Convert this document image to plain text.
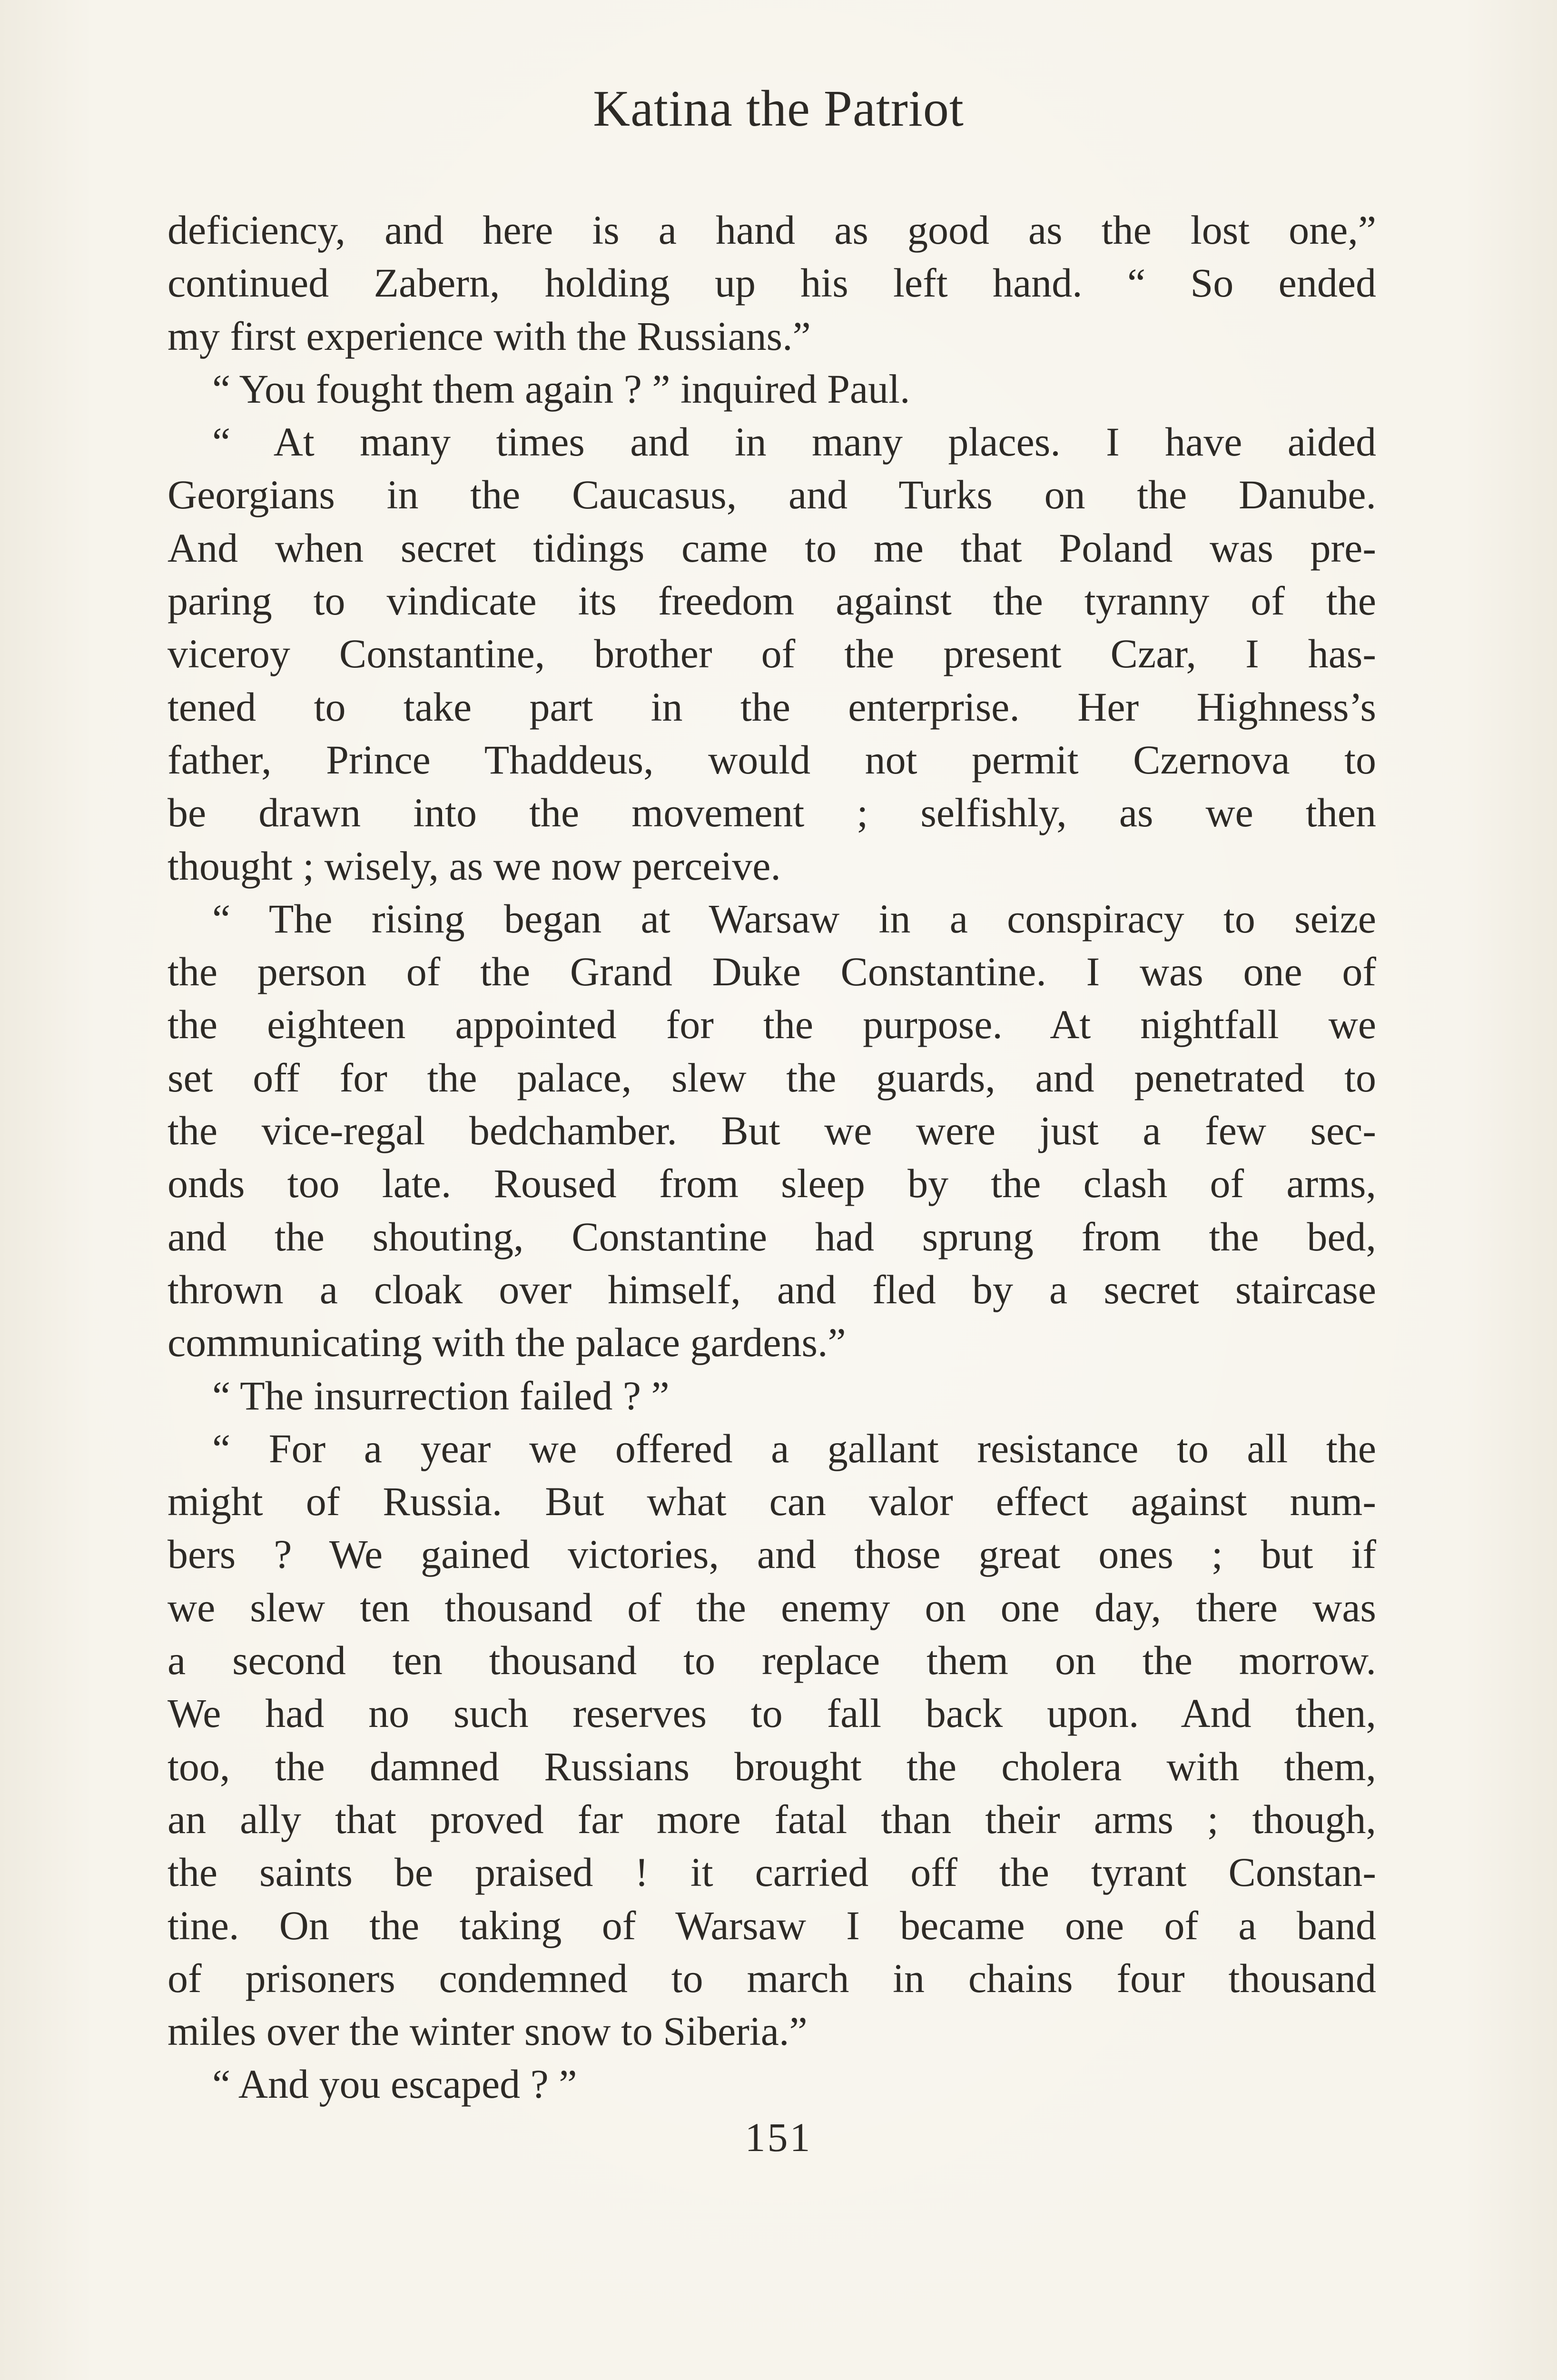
Katina the Patriot
deficiency, and here is a hand as good as the lost one,”
continued Zabern, holding up his left hand. “ So ended
my first experience with the Russians.”
“ You fought them again ? ” inquired Paul.
“ At many times and in many places. I have aided
Georgians in the Caucasus, and Turks on the Danube.
And when secret tidings came to me that Poland was pre-
paring to vindicate its freedom against the tyranny of the
viceroy Constantine, brother of the present Czar, I has-
tened to take part in the enterprise. Her Highness’s
father, Prince Thaddeus, would not permit Czernova to
be drawn into the movement ; selfishly, as we then
thought ; wisely, as we now perceive.
“ The rising began at Warsaw in a conspiracy to seize
the person of the Grand Duke Constantine. I was one of
the eighteen appointed for the purpose. At nightfall we
set off for the palace, slew the guards, and penetrated to
the vice-regal bedchamber. But we were just a few sec-
onds too late. Roused from sleep by the clash of arms,
and the shouting, Constantine had sprung from the bed,
thrown a cloak over himself, and fled by a secret staircase
communicating with the palace gardens.”
“ The insurrection failed ? ”
“ For a year we offered a gallant resistance to all the
might of Russia. But what can valor effect against num-
bers ? We gained victories, and those great ones ; but if
we slew ten thousand of the enemy on one day, there was
a second ten thousand to replace them on the morrow.
We had no such reserves to fall back upon. And then,
too, the damned Russians brought the cholera with them,
an ally that proved far more fatal than their arms ; though,
the saints be praised ! it carried off the tyrant Constan-
tine. On the taking of Warsaw I became one of a band
of prisoners condemned to march in chains four thousand
miles over the winter snow to Siberia.”
“ And you escaped ? ”
151
